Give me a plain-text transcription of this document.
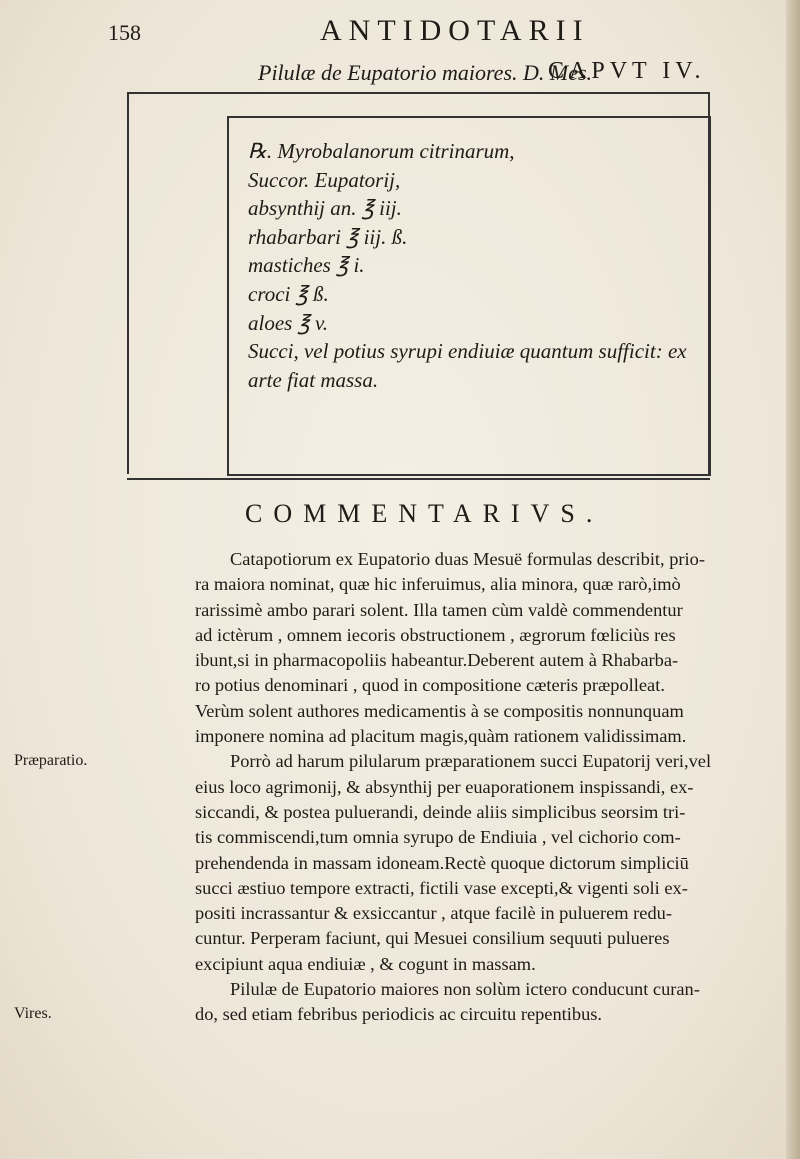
158	ANTIDOTARII
Pilulæ de Eupatorio maiores. D. Mes.
CAPVT IV.
℞. Myrobalanorum citrinarum,
Succor. Eupatorij,
absynthij an. ℥ iij.
rhabarbari ℥ iij. ß.
mastiches ℥ i.
croci ℥ ß.
aloes ℥ v.
Succi, vel potius syrupi endiuiæ quantum sufficit: ex
arte fiat massa.
COMMENTARIVS.
Catapotiorum ex Eupatorio duas Mesuë formulas describit, prio-
ra maiora nominat, quæ hic inferuimus, alia minora, quæ rarò,imò
rarissimè ambo parari solent. Illa tamen cùm valdè commendentur
ad ictèrum , omnem iecoris obstructionem , ægrorum fœliciùs res
ibunt,si in pharmacopoliis habeantur.Deberent autem à Rhabarba-
ro potius denominari , quod in compositione cæteris præpolleat.
Verùm solent authores medicamentis à se compositis nonnunquam
imponere nomina ad placitum magis,quàm rationem validissimam.
Porrò ad harum pilularum præparationem succi Eupatorij veri,vel
eius loco agrimonij, & absynthij per euaporationem inspissandi, ex-
siccandi, & postea puluerandi, deinde aliis simplicibus seorsim tri-
tis commiscendi,tum omnia syrupo de Endiuia , vel cichorio com-
prehendenda in massam idoneam.Rectè quoque dictorum simpliciū
succi æstiuo tempore extracti, fictili vase excepti,& vigenti soli ex-
positi incrassantur & exsiccantur , atque facilè in puluerem redu-
cuntur. Perperam faciunt, qui Mesuei consilium sequuti pulueres
excipiunt aqua endiuiæ , & cogunt in massam.
Pilulæ de Eupatorio maiores non solùm ictero conducunt curan-
do, sed etiam febribus periodicis ac circuitu repentibus.
Præparatio.
Vires.
